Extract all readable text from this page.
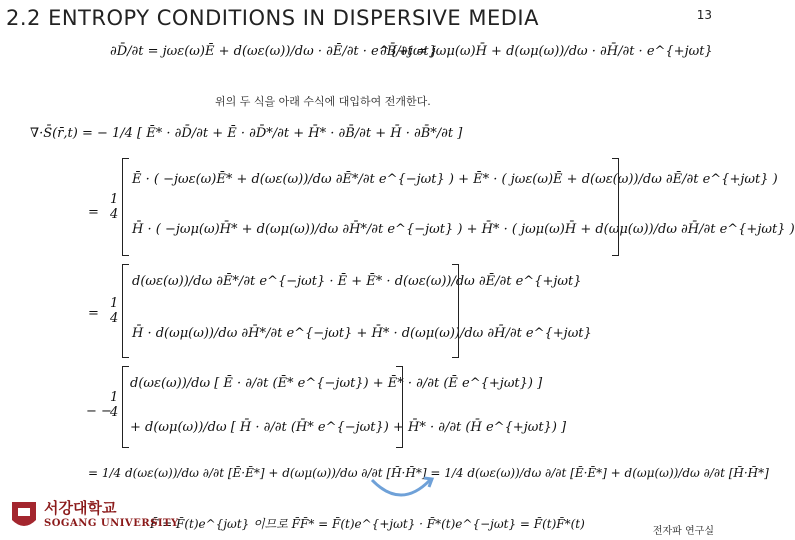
2.2 ENTROPY CONDITIONS IN DISPERSIVE MEDIA	13
∂D̄/∂t = jωε(ω)Ē + d(ωε(ω))/dω · ∂Ē/∂t · e^{+jωt}
∂B̄/∂t = jωμ(ω)H̄ + d(ωμ(ω))/dω · ∂H̄/∂t · e^{+jωt}
위의 두 식을 아래 수식에 대입하여 전개한다.
∇·S̄(r̄,t) = − 1/4 [ Ē* · ∂D̄/∂t + Ē · ∂D̄*/∂t + H̄* · ∂B̄/∂t + H̄ · ∂B̄*/∂t ]
=
1
4
Ē · ( −jωε(ω)Ē* + d(ωε(ω))/dω ∂Ē*/∂t e^{−jωt} ) + Ē* · ( jωε(ω)Ē + d(ωε(ω))/dω ∂Ē/∂t e^{+jωt} )
H̄ · ( −jωμ(ω)H̄* + d(ωμ(ω))/dω ∂H̄*/∂t e^{−jωt} ) + H̄* · ( jωμ(ω)H̄ + d(ωμ(ω))/dω ∂H̄/∂t e^{+jωt} )
=
1
4
d(ωε(ω))/dω ∂Ē*/∂t e^{−jωt} · Ē + Ē* · d(ωε(ω))/dω ∂Ē/∂t e^{+jωt}
H̄ · d(ωμ(ω))/dω ∂H̄*/∂t e^{−jωt} + H̄* · d(ωμ(ω))/dω ∂H̄/∂t e^{+jωt}
− −
1
4
d(ωε(ω))/dω [ Ē · ∂/∂t (Ē* e^{−jωt}) + Ē* · ∂/∂t (Ē e^{+jωt}) ]
+ d(ωμ(ω))/dω [ H̄ · ∂/∂t (H̄* e^{−jωt}) + H̄* · ∂/∂t (H̄ e^{+jωt}) ]
= 1/4 d(ωε(ω))/dω ∂/∂t [Ē·Ē*] + d(ωμ(ω))/dω ∂/∂t [H̄·H̄*] = 1/4 d(ωε(ω))/dω ∂/∂t [Ē·Ē*] + d(ωμ(ω))/dω ∂/∂t [H̄·H̄*]
F̄ = F̄(t)e^{jωt} 이므로 F̄F̄* = F̄(t)e^{+jωt} · F̄*(t)e^{−jωt} = F̄(t)F̄*(t)
서강대학교
SOGANG UNIVERSITY
전자파 연구실
